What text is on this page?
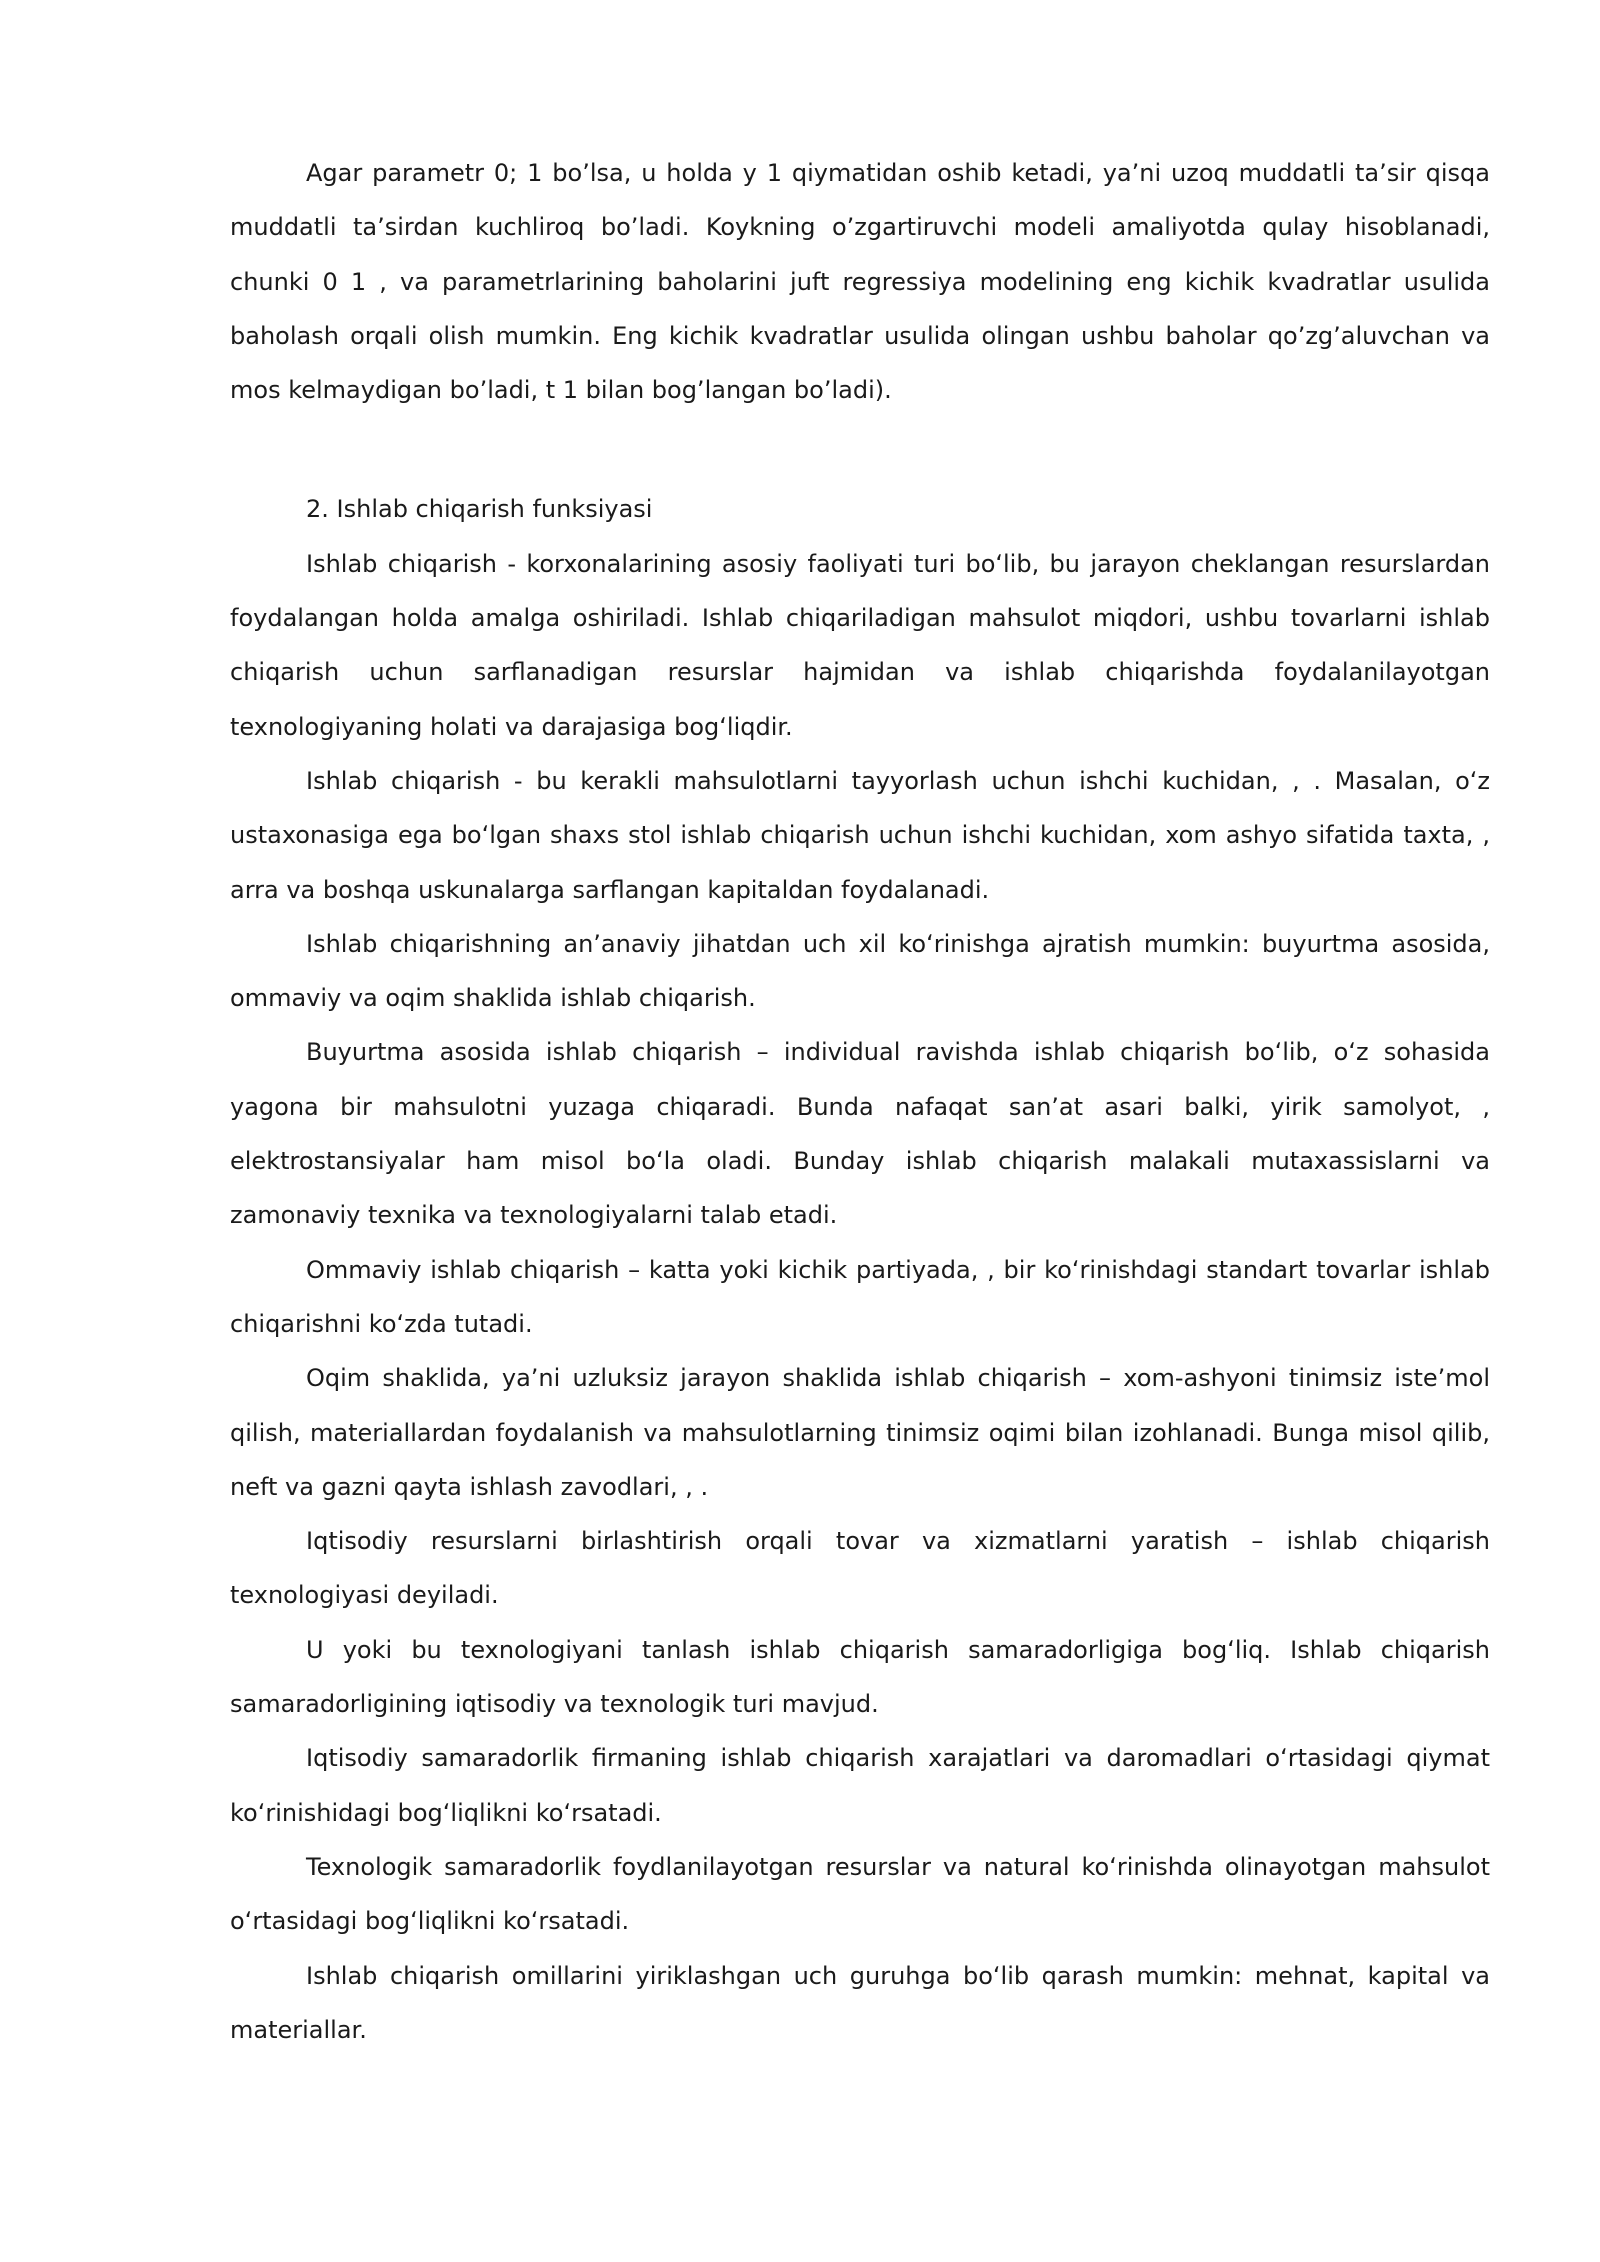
Agar parametr 0; 1 bo’lsa, u holda y 1 qiymatidan oshib ketadi, ya’ni uzoq muddatli ta’sir qisqa muddatli ta’sirdan kuchliroq bo’ladi. Koykning o’zgartiruvchi modeli amaliyotda qulay hisoblanadi, chunki 0 1 , va parametrlarining baholarini juft regressiya modelining eng kichik kvadratlar usulida baholash orqali olish mumkin. Eng kichik kvadratlar usulida olingan ushbu baholar qo’zg’aluvchan va mos kelmaydigan bo’ladi, t 1 bilan bog’langan bo’ladi).

2. Ishlab chiqarish funksiyasi

Ishlab chiqarish - korxonalarining asosiy faoliyati turi boʻlib, bu jarayon cheklangan resurslardan foydalangan holda amalga oshiriladi. Ishlab chiqariladigan mahsulot miqdori, ushbu tovarlarni ishlab chiqarish uchun sarflanadigan resurslar hajmidan va ishlab chiqarishda foydalanilayotgan texnologiyaning holati va darajasiga bogʻliqdir.

Ishlab chiqarish - bu kerakli mahsulotlarni tayyorlash uchun ishchi kuchidan, , . Masalan, oʻz ustaxonasiga ega boʻlgan shaxs stol ishlab chiqarish uchun ishchi kuchidan, xom ashyo sifatida taxta, , arra va boshqa uskunalarga sarflangan kapitaldan foydalanadi.

Ishlab chiqarishning an’anaviy jihatdan uch xil koʻrinishga ajratish mumkin: buyurtma asosida, ommaviy va oqim shaklida ishlab chiqarish.

Buyurtma asosida ishlab chiqarish – individual ravishda ishlab chiqarish boʻlib, oʻz sohasida yagona bir mahsulotni yuzaga chiqaradi. Bunda nafaqat san’at asari balki, yirik samolyot, , elektrostansiyalar ham misol boʻla oladi. Bunday ishlab chiqarish malakali mutaxassislarni va zamonaviy texnika va texnologiyalarni talab etadi.

Ommaviy ishlab chiqarish – katta yoki kichik partiyada, , bir koʻrinishdagi standart tovarlar ishlab chiqarishni koʻzda tutadi.

Oqim shaklida, ya’ni uzluksiz jarayon shaklida ishlab chiqarish – xom-ashyoni tinimsiz iste’mol qilish, materiallardan foydalanish va mahsulotlarning tinimsiz oqimi bilan izohlanadi. Bunga misol qilib, neft va gazni qayta ishlash zavodlari, , .

Iqtisodiy resurslarni birlashtirish orqali tovar va xizmatlarni yaratish – ishlab chiqarish texnologiyasi deyiladi.

U yoki bu texnologiyani tanlash ishlab chiqarish samaradorligiga bogʻliq. Ishlab chiqarish samaradorligining iqtisodiy va texnologik turi mavjud.

Iqtisodiy samaradorlik firmaning ishlab chiqarish xarajatlari va daromadlari oʻrtasidagi qiymat koʻrinishidagi bogʻliqlikni koʻrsatadi.

Texnologik samaradorlik foydlanilayotgan resurslar va natural koʻrinishda olinayotgan mahsulot oʻrtasidagi bogʻliqlikni koʻrsatadi.

Ishlab chiqarish omillarini yiriklashgan uch guruhga boʻlib qarash mumkin: mehnat, kapital va materiallar.
